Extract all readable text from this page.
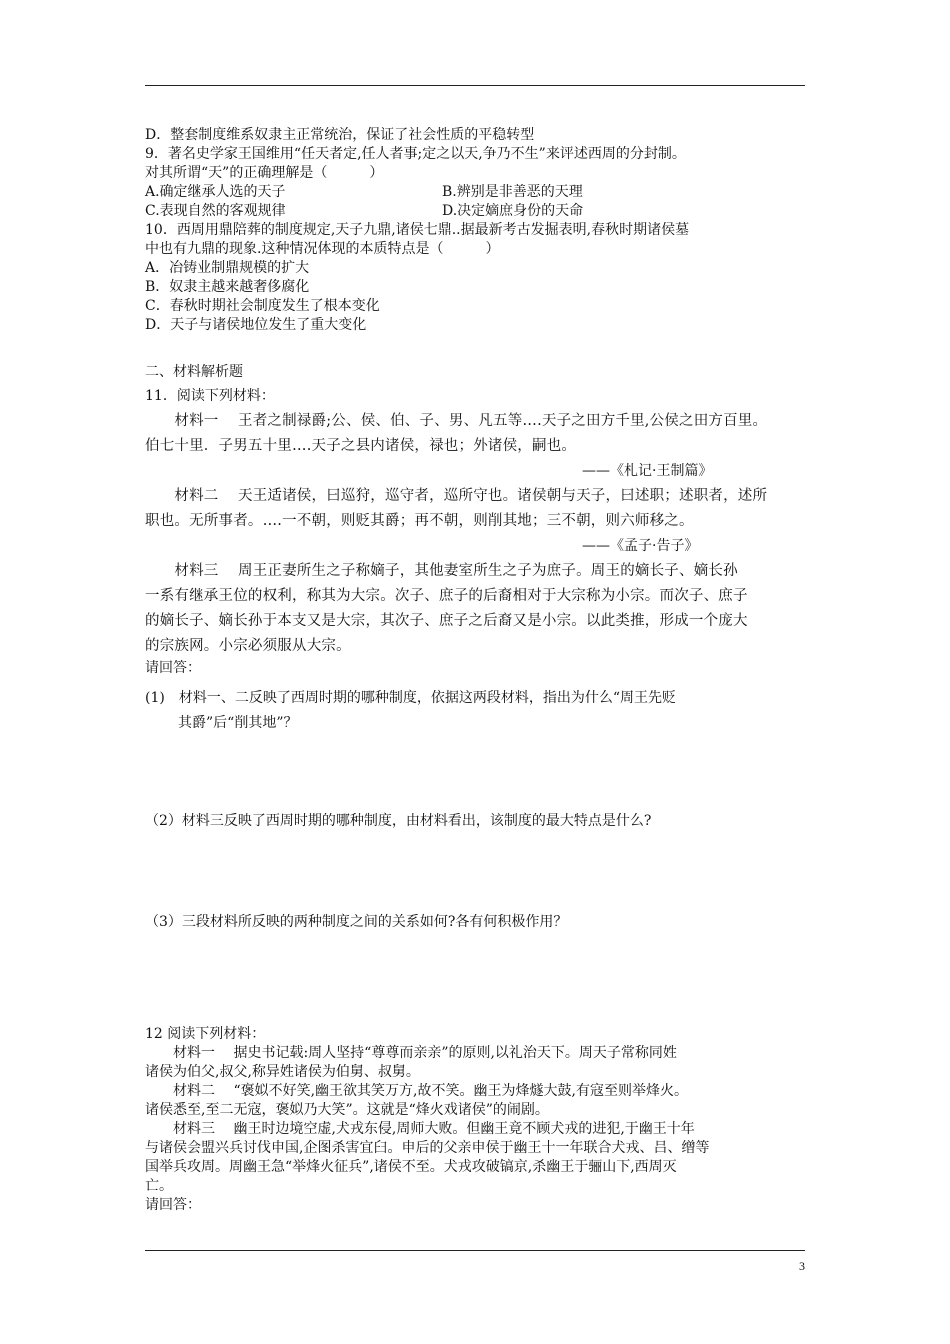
D．整套制度维系奴隶主正常统治，保证了社会性质的平稳转型
9．著名史学家王国维用“任天者定,任人者事;定之以天,争乃不生”来评述西周的分封制。
对其所谓“天”的正确理解是（　　　）
A.确定继承人选的天子	B.辨别是非善恶的天理
C.表现自然的客观规律	D.决定嫡庶身份的天命
10．西周用鼎陪葬的制度规定,天子九鼎,诸侯七鼎..据最新考古发掘表明,春秋时期诸侯墓
中也有九鼎的现象.这种情况体现的本质特点是（　　　）
A．冶铸业制鼎规模的扩大
B．奴隶主越来越奢侈腐化
C．春秋时期社会制度发生了根本变化
D．天子与诸侯地位发生了重大变化
二、材料解析题
11．阅读下列材料：
　　材料一　 王者之制禄爵;公、侯、伯、子、男、凡五等….天子之田方千里,公侯之田方百里。
伯七十里．子男五十里….天子之县内诸侯，禄也；外诸侯，嗣也。
——《札记·王制篇》
　　材料二　 天王适诸侯，曰巡狩，巡守者，巡所守也。诸侯朝与天子，曰述职；述职者，述所
职也。无所事者。….一不朝，则贬其爵；再不朝，则削其地；三不朝，则六师移之。
——《孟子·告子》
　　材料三　 周王正妻所生之子称嫡子，其他妻室所生之子为庶子。周王的嫡长子、嫡长孙
一系有继承王位的权利，称其为大宗。次子、庶子的后裔相对于大宗称为小宗。而次子、庶子
的嫡长子、嫡长孙于本支又是大宗，其次子、庶子之后裔又是小宗。以此类推，形成一个庞大
的宗族网。小宗必须服从大宗。
请回答：
(1)　材料一、二反映了西周时期的哪种制度，依据这两段材料，指出为什么“周王先贬
其爵”后“削其地”？
（2）材料三反映了西周时期的哪种制度，由材料看出，该制度的最大特点是什么?
（3）三段材料所反映的两种制度之间的关系如何?各有何积极作用？
12 阅读下列材料：
　　材料一　 据史书记载:周人坚持“尊尊而亲亲”的原则,以礼治天下。周天子常称同姓
诸侯为伯父,叔父,称异姓诸侯为伯舅、叔舅。
　　材料二　 “褒姒不好笑,幽王欲其笑万方,故不笑。幽王为烽燧大鼓,有寇至则举烽火。
诸侯悉至,至二无寇，褒姒乃大笑”。这就是“烽火戏诸侯”的闹剧。
　　材料三　 幽王时边境空虚,犬戎东侵,周师大败。但幽王竟不顾犬戎的进犯,于幽王十年
与诸侯会盟兴兵讨伐申国,企图杀害宜臼。申后的父亲申侯于幽王十一年联合犬戎、吕、缯等
国举兵攻周。周幽王急“举烽火征兵”,诸侯不至。犬戎攻破镐京,杀幽王于骊山下,西周灭
亡。
请回答：
3
